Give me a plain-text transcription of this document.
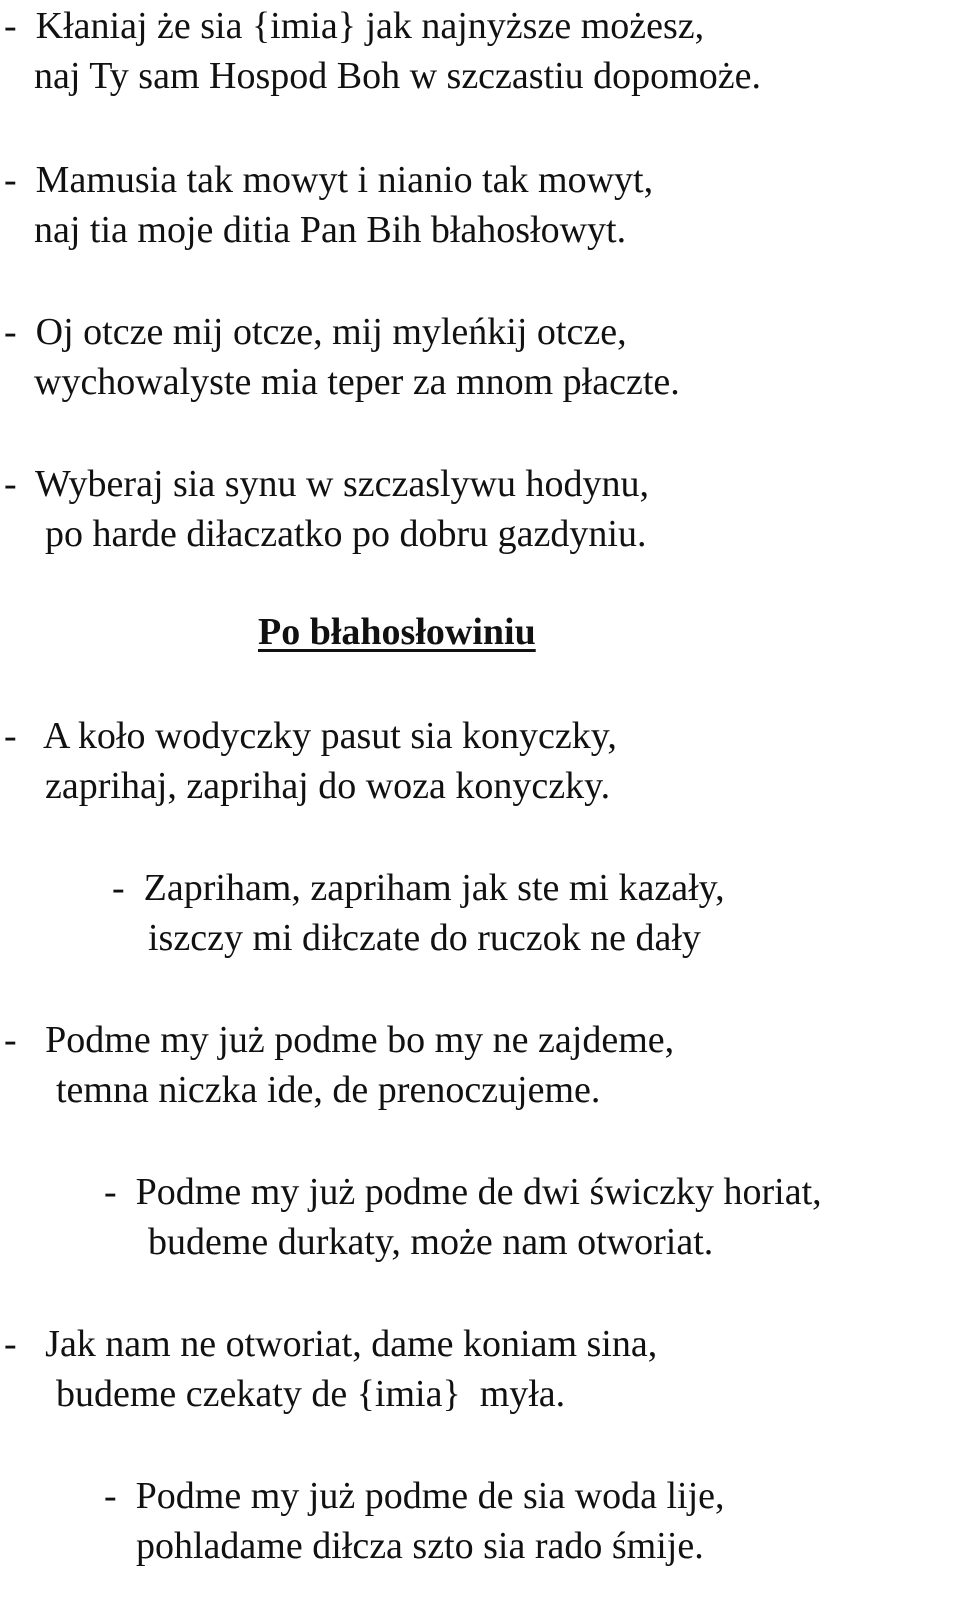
-  Kłaniaj że sia {imia} jak najnyższe możesz,

naj Ty sam Hospod Boh w szczastiu dopomoże.

-  Mamusia tak mowyt i nianio tak mowyt,

naj tia moje ditia Pan Bih błahosłowyt.

-  Oj otcze mij otcze, mij myleńkij otcze,

wychowalyste mia teper za mnom płaczte.

-  Wyberaj sia synu w szczaslywu hodynu,

po harde diłaczatko po dobru gazdyniu.

Po błahosłowiniu

-   A koło wodyczky pasut sia konyczky,

zaprihaj, zaprihaj do woza konyczky.

-  Zapriham, zapriham jak ste mi kazały,

iszczy mi diłczate do ruczok ne dały

-   Podme my już podme bo my ne zajdeme,

temna niczka ide, de prenoczujeme.

-  Podme my już podme de dwi świczky horiat,

budeme durkaty, może nam otworiat.

-   Jak nam ne otworiat, dame koniam sina,

budeme czekaty de {imia}  myła.

-  Podme my już podme de sia woda lije,

pohladame diłcza szto sia rado śmije.
